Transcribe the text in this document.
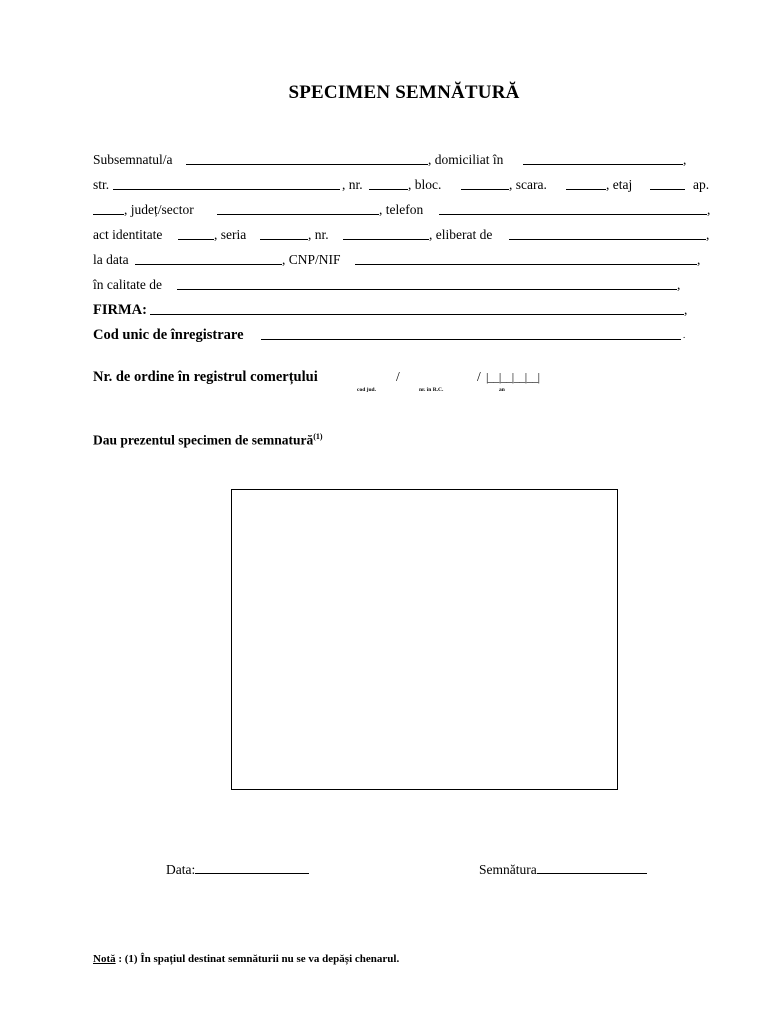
SPECIMEN SEMNĂTURĂ
Subsemnatul/a	, domiciliat în	,
str.	, nr.	, bloc.	, scara.	, etaj	ap.
, județ/sector	, telefon	,
act identitate	, seria	, nr.	, eliberat de	,
la data	, CNP/NIF	,
în calitate de	,
FIRMA:	,
Cod unic de înregistrare	.
Nr. de ordine în registrul comerțului	/	/ |__|__|__|__|
cod jud.	nr. în R.C.	an
Dau prezentul specimen de semnatură$^{(1)}$
Data:	Semnătura
Notă : (1) În spațiul destinat semnăturii nu se va depăși chenarul.
